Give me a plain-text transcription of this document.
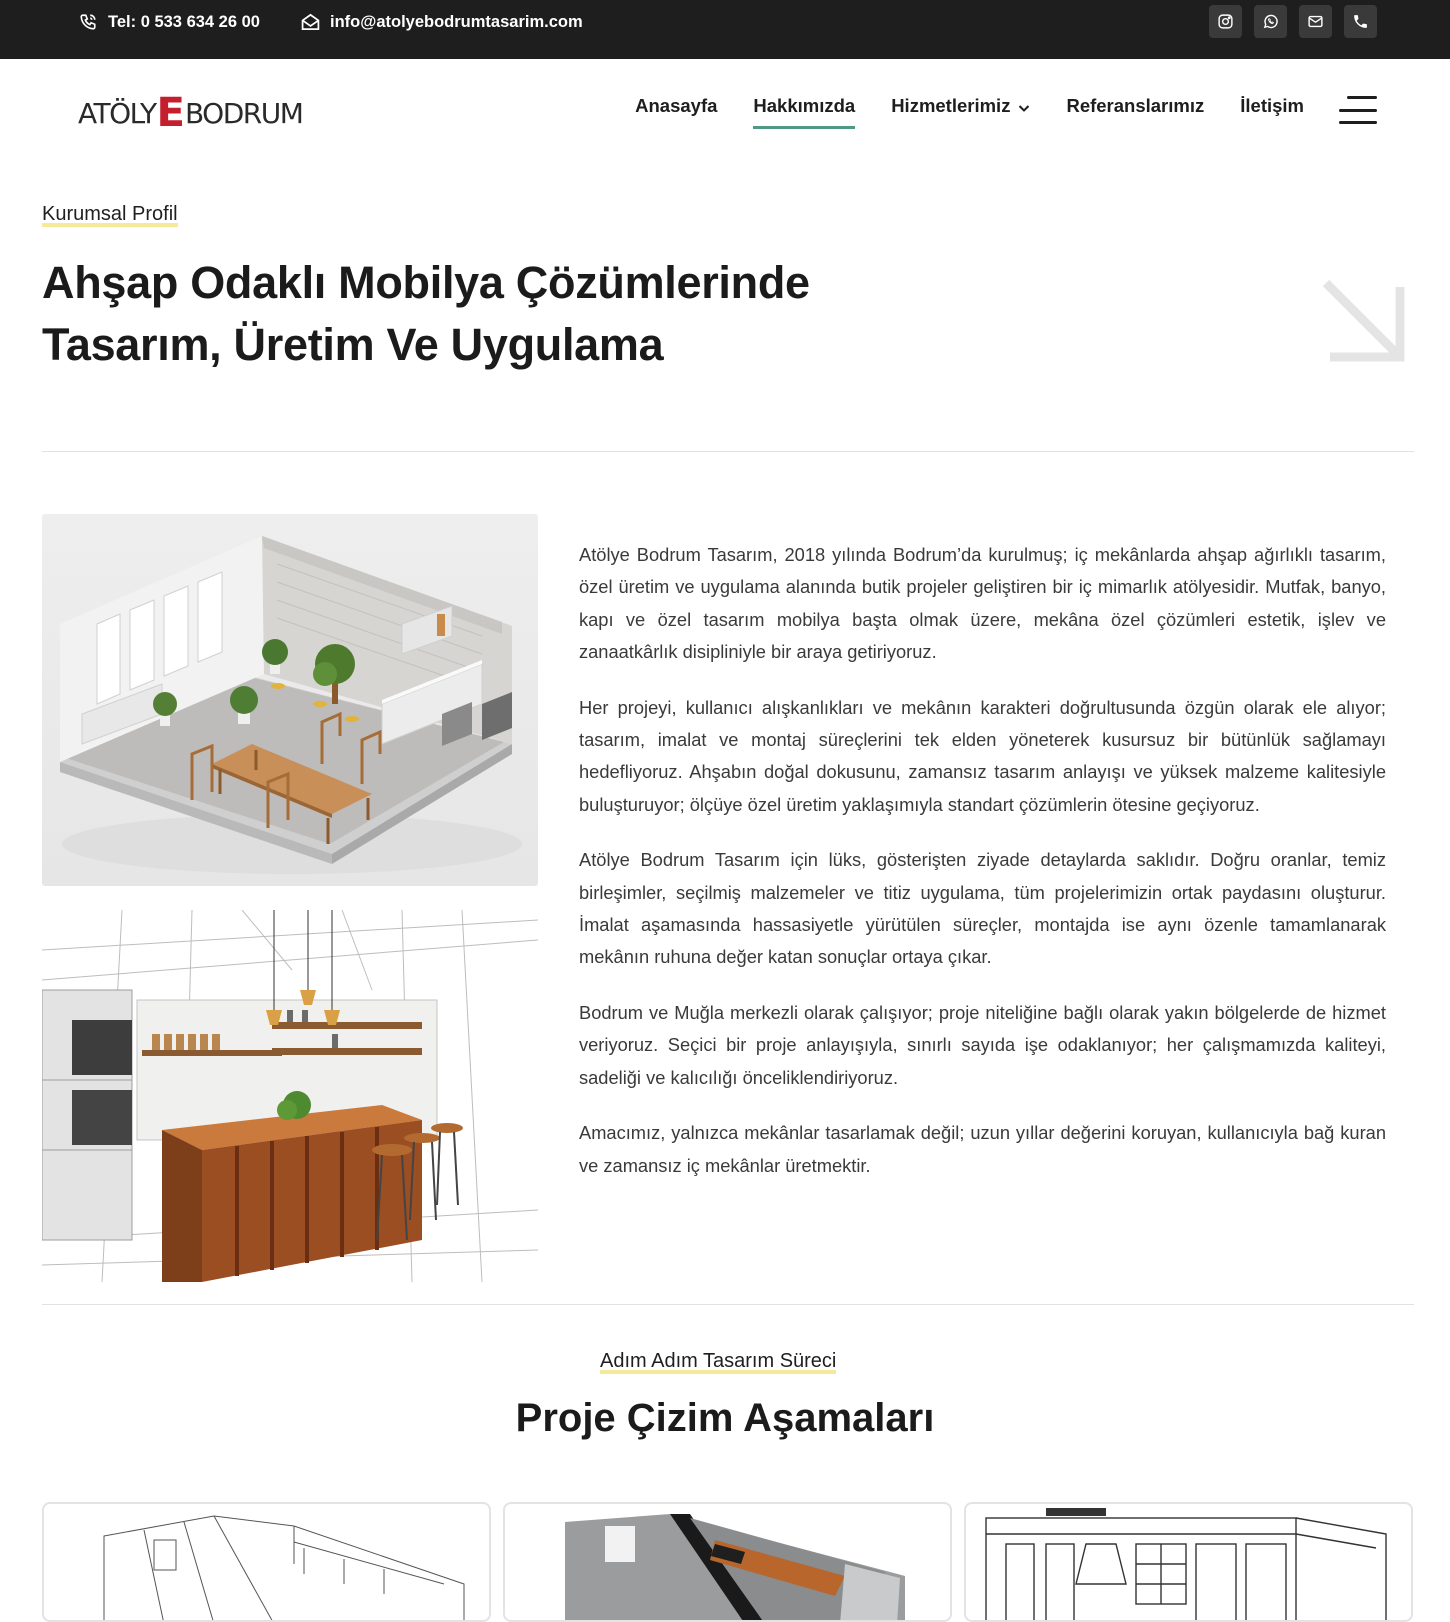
Tel: 0 533 634 26 00	info@atolyebodrumtasarim.com
ATÖLY E BODRUM	Anasayfa Hakkımızda Hizmetlerimiz	Referanslarımız İletişim
Kurumsal Profil
Ahşap Odaklı Mobilya Çözümlerinde
Tasarım, Üretim Ve Uygulama

Atölye Bodrum Tasarım, 2018 yılında Bodrum’da kurulmuş; iç mekânlarda ahşap ağırlıklı tasarım, özel üretim ve uygulama alanında butik projeler geliştiren bir iç mimarlık atölyesidir. Mutfak, banyo, kapı ve özel tasarım mobilya başta olmak üzere, mekâna özel çözümleri estetik, işlev ve zanaatkârlık disipliniyle bir araya getiriyoruz.

Her projeyi, kullanıcı alışkanlıkları ve mekânın karakteri doğrultusunda özgün olarak ele alıyor; tasarım, imalat ve montaj süreçlerini tek elden yöneterek kusursuz bir bütünlük sağlamayı hedefliyoruz. Ahşabın doğal dokusunu, zamansız tasarım anlayışı ve yüksek malzeme kalitesiyle buluşturuyor; ölçüye özel üretim yaklaşımıyla standart çözümlerin ötesine geçiyoruz.

Atölye Bodrum Tasarım için lüks, gösterişten ziyade detaylarda saklıdır. Doğru oranlar, temiz birleşimler, seçilmiş malzemeler ve titiz uygulama, tüm projelerimizin ortak paydasını oluşturur. İmalat aşamasında hassasiyetle yürütülen süreçler, montajda ise aynı özenle tamamlanarak mekânın ruhuna değer katan sonuçlar ortaya çıkar.

Bodrum ve Muğla merkezli olarak çalışıyor; proje niteliğine bağlı olarak yakın bölgelerde de hizmet veriyoruz. Seçici bir proje anlayışıyla, sınırlı sayıda işe odaklanıyor; her çalışmamızda kaliteyi, sadeliği ve kalıcılığı önceliklendiriyoruz.

Amacımız, yalnızca mekânlar tasarlamak değil; uzun yıllar değerini koruyan, kullanıcıyla bağ kuran ve zamansız iç mekânlar üretmektir.

Adım Adım Tasarım Süreci
Proje Çizim Aşamaları
